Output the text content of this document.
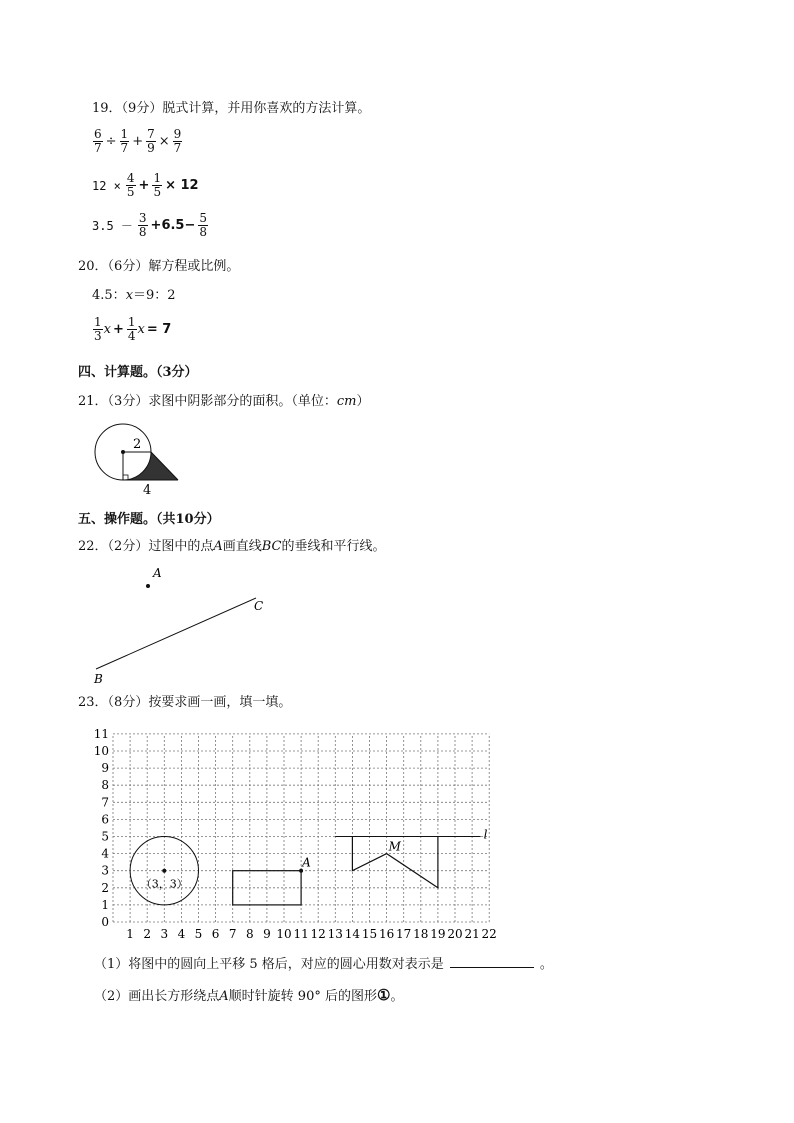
19．（9分）脱式计算，并用你喜欢的方法计算。
$\frac{6}{7} \div \frac{1}{7} + \frac{7}{9} \times \frac{9}{7}$
$12 \times \frac{4}{5} + \frac{1}{5} \times 12$
$3.5 - \frac{3}{8} +6.5- \frac{5}{8}$
20．（6分）解方程或比例。
4.5：x＝9：2
$\frac{1}{3}$ $x + \frac{1}{4}$ x = 7
四、计算题。（3分）
21．（3分）求图中阴影部分的面积。（单位：cm）
2
4
五、操作题。（共10分）
22．（2分）过图中的点A画直线BC的垂线和平行线。
A
C
B
23．（8分）按要求画一画，填一填。
0
1
2
3
4
5
6
7
8
9
10
11
1 2 3 4 5 6 7 8 9 10 11 12 13 14 15 16 17 18 19 20 21 22
（3，3）
A
l
M
（1）将图中的圆向上平移 5 格后，对应的圆心用数对表示是	。
（2）画出长方形绕点A顺时针旋转 90° 后的图形①。
